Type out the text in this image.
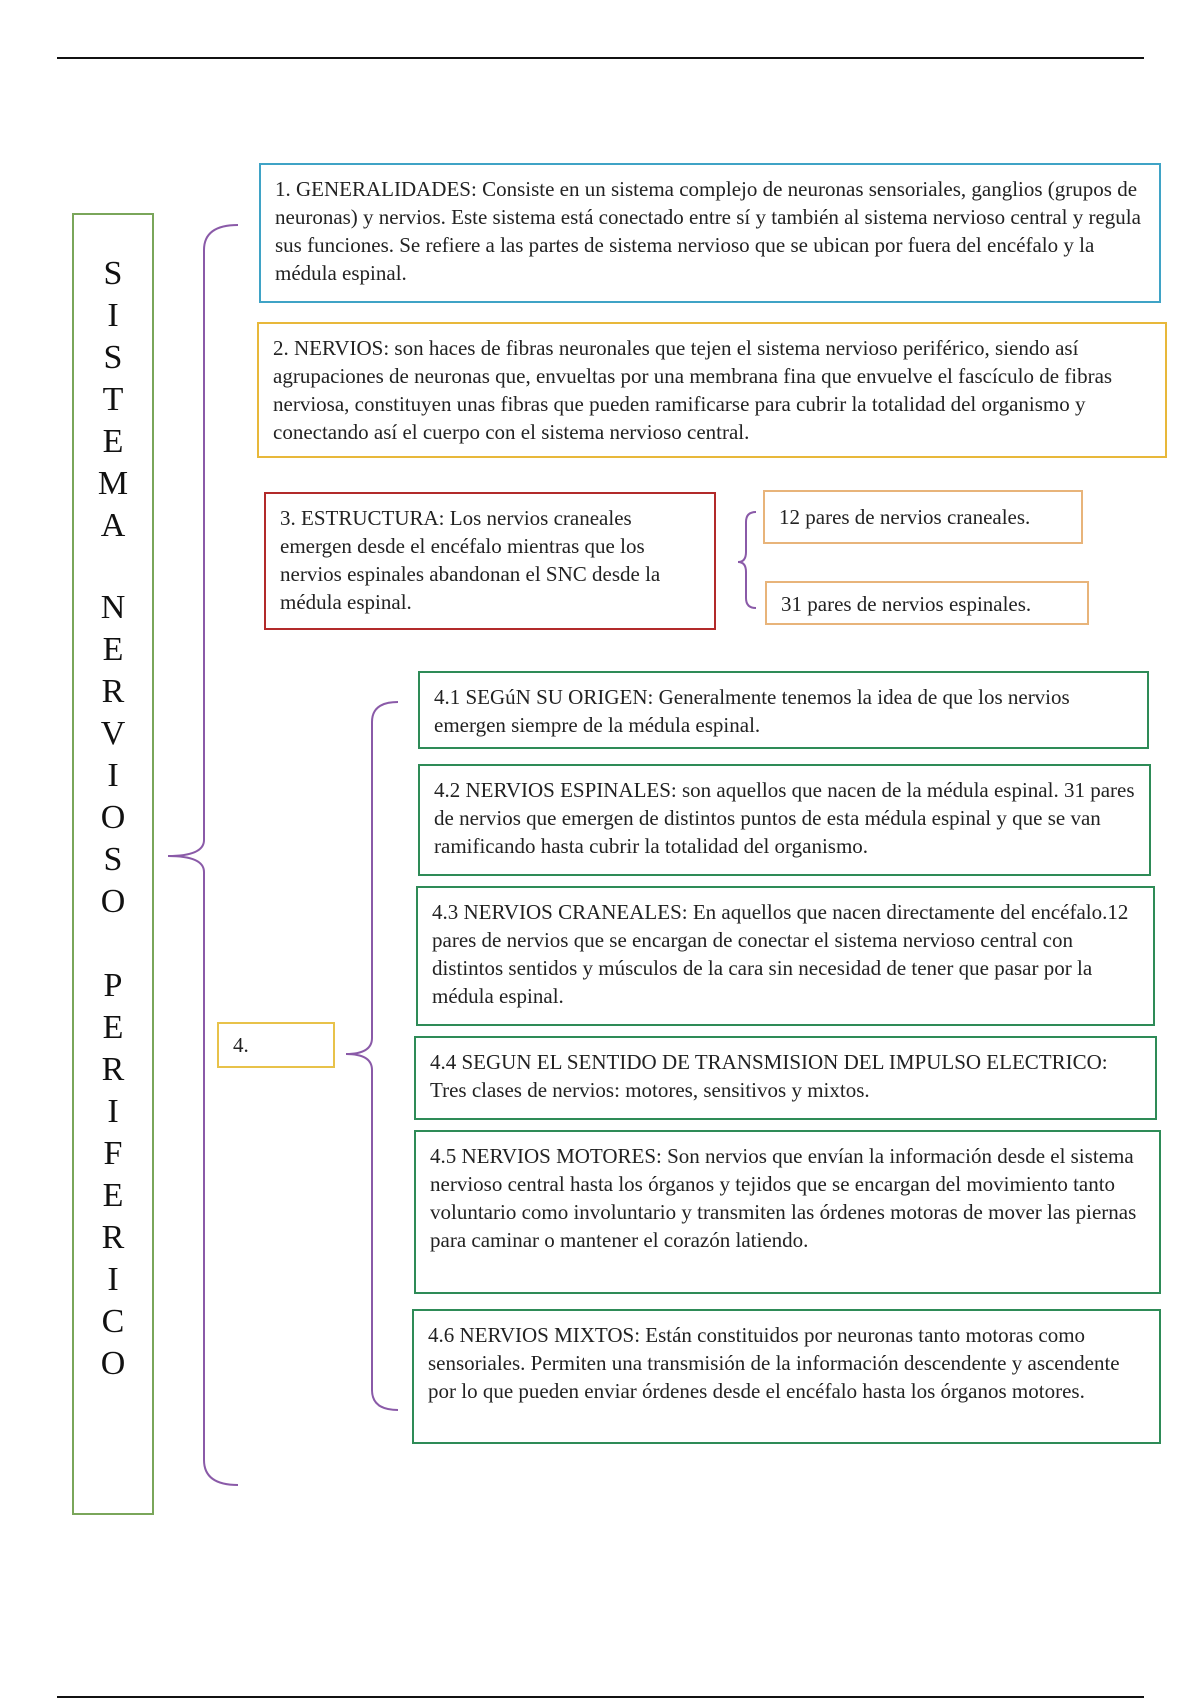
S
I
S
T
E
M
A
N
E
R
V
I
O
S
O
P
E
R
I
F
E
R
I
C
O
1. GENERALIDADES: Consiste en un sistema complejo de neuronas sensoriales, ganglios (grupos de neuronas) y nervios. Este sistema está conectado entre sí y también al sistema nervioso central y regula sus funciones. Se refiere a las partes de sistema nervioso que se ubican por fuera del encéfalo y la médula espinal.
2. NERVIOS: son haces de fibras neuronales que tejen el sistema nervioso periférico, siendo así agrupaciones de neuronas que, envueltas por una membrana fina que envuelve el fascículo de fibras nerviosa, constituyen unas fibras que pueden ramificarse para cubrir la totalidad del organismo y conectando así el cuerpo con el sistema nervioso central.
3. ESTRUCTURA: Los nervios craneales emergen desde el encéfalo mientras que los nervios espinales abandonan el SNC desde la médula espinal.
12 pares de nervios craneales.
31 pares de nervios espinales.
4.
4.1 SEGúN SU ORIGEN: Generalmente tenemos la idea de que los nervios emergen siempre de la médula espinal.
4.2 NERVIOS ESPINALES: son aquellos que nacen de la médula espinal. 31 pares de nervios que emergen de distintos puntos de esta médula espinal y que se van ramificando hasta cubrir la totalidad del organismo.
4.3 NERVIOS CRANEALES: En aquellos que nacen directamente del encéfalo.12 pares de nervios que se encargan de conectar el sistema nervioso central con distintos sentidos y músculos de la cara sin necesidad de tener que pasar por la médula espinal.
4.4 SEGUN EL SENTIDO DE TRANSMISION DEL IMPULSO ELECTRICO: Tres clases de nervios: motores, sensitivos y mixtos.
4.5 NERVIOS MOTORES: Son nervios que envían la información desde el sistema nervioso central hasta los órganos y tejidos que se encargan del movimiento tanto voluntario como involuntario y transmiten las órdenes motoras de mover las piernas para caminar o mantener el corazón latiendo.
4.6 NERVIOS MIXTOS: Están constituidos por neuronas tanto motoras como sensoriales. Permiten una transmisión de la información descendente y ascendente por lo que pueden enviar órdenes desde el encéfalo hasta los órganos motores.
